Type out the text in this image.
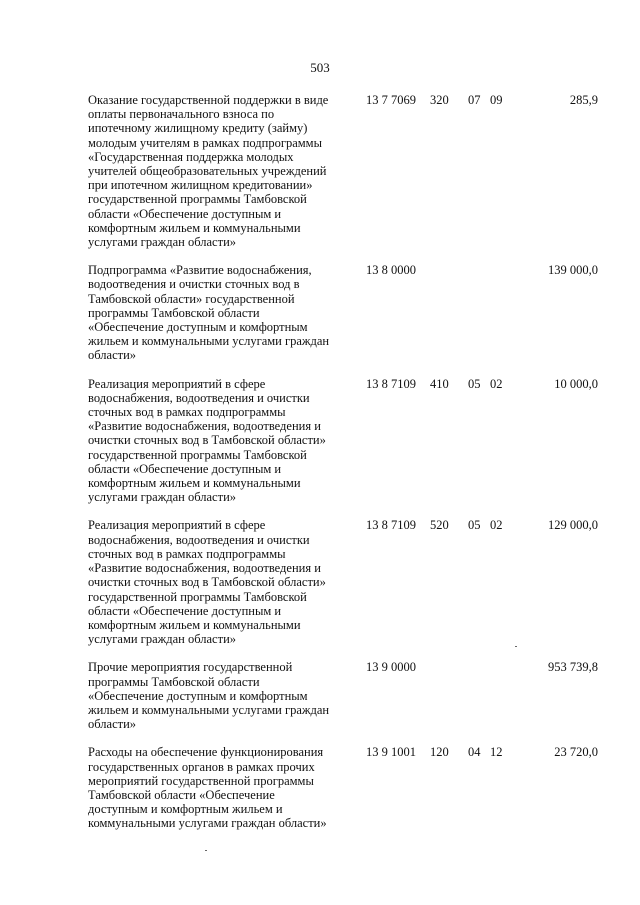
503
Оказание государственной поддержки в виде
оплаты первоначального взноса по
ипотечному жилищному кредиту (займу)
молодым учителям в рамках подпрограммы
«Государственная поддержка молодых
учителей общеобразовательных учреждений
при ипотечном жилищном кредитовании»
государственной программы Тамбовской
области «Обеспечение доступным и
комфортным жильем и коммунальными
услугами граждан области»
13 7 7069 320 07 09	285,9
Подпрограмма «Развитие водоснабжения,
водоотведения и очистки сточных вод в
Тамбовской области» государственной
программы Тамбовской области
«Обеспечение доступным и комфортным
жильем и коммунальными услугами граждан
области»
13 8 0000	139 000,0
Реализация мероприятий в сфере
водоснабжения, водоотведения и очистки
сточных вод в рамках подпрограммы
«Развитие водоснабжения, водоотведения и
очистки сточных вод в Тамбовской области»
государственной программы Тамбовской
области «Обеспечение доступным и
комфортным жильем и коммунальными
услугами граждан области»
13 8 7109 410 05 02	10 000,0
Реализация мероприятий в сфере
водоснабжения, водоотведения и очистки
сточных вод в рамках подпрограммы
«Развитие водоснабжения, водоотведения и
очистки сточных вод в Тамбовской области»
государственной программы Тамбовской
области «Обеспечение доступным и
комфортным жильем и коммунальными
услугами граждан области»
13 8 7109 520 05 02	129 000,0
Прочие мероприятия государственной
программы Тамбовской области
«Обеспечение доступным и комфортным
жильем и коммунальными услугами граждан
области»
13 9 0000	953 739,8
Расходы на обеспечение функционирования
государственных органов в рамках прочих
мероприятий государственной программы
Тамбовской области «Обеспечение
доступным и комфортным жильем и
коммунальными услугами граждан области»
13 9 1001 120 04 12	23 720,0
